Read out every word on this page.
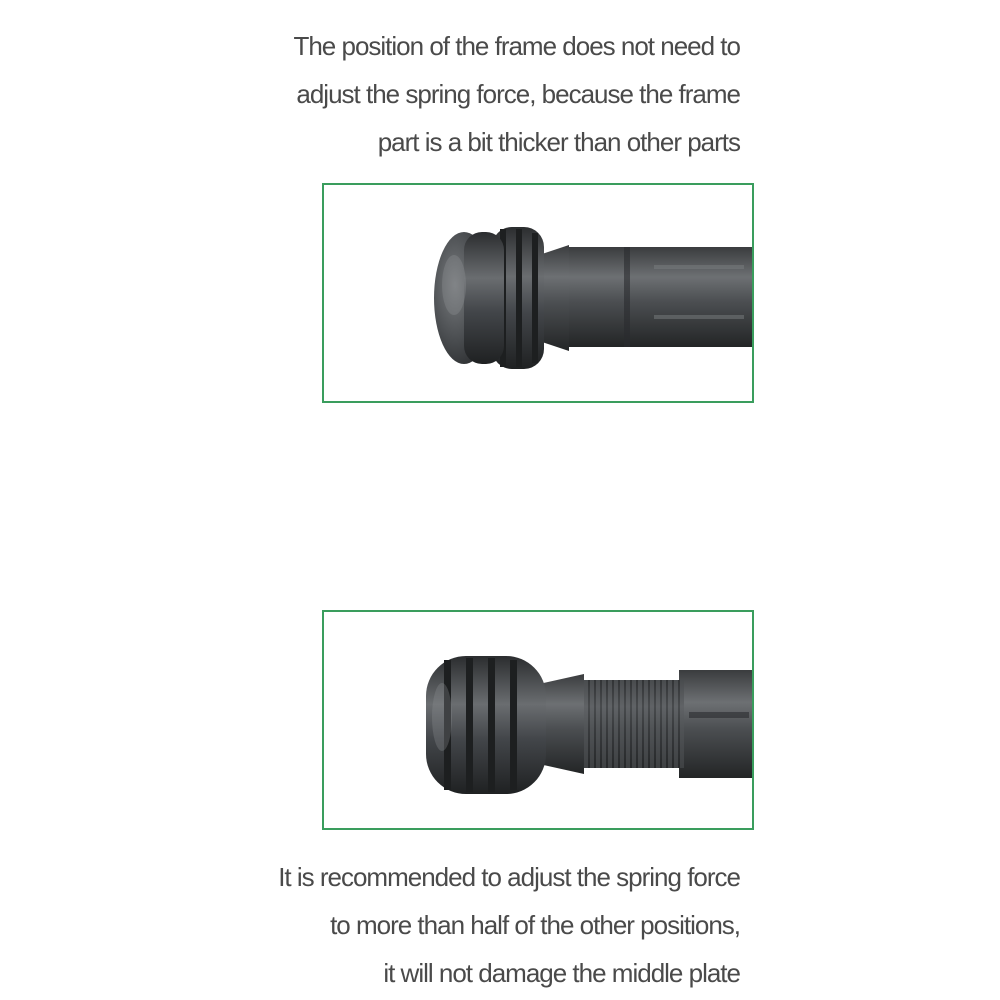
The position of the frame does not need to
adjust the spring force, because the frame
part is a bit thicker than other parts
It is recommended to adjust the spring force
to more than half of the other positions,
it will not damage the middle plate
